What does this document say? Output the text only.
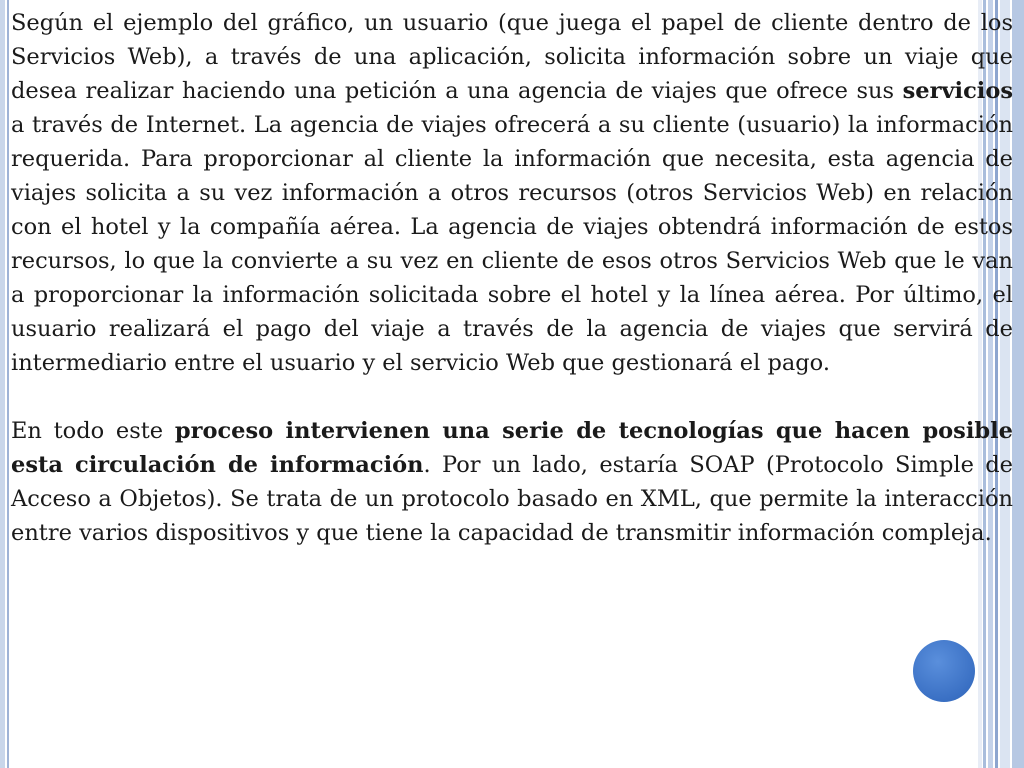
Según el ejemplo del gráfico, un usuario (que juega el papel de cliente dentro de los Servicios Web), a través de una aplicación, solicita información sobre un viaje que desea realizar haciendo una petición a una agencia de viajes que ofrece sus servicios a través de Internet. La agencia de viajes ofrecerá a su cliente (usuario) la información requerida. Para proporcionar al cliente la información que necesita, esta agencia de viajes solicita a su vez información a otros recursos (otros Servicios Web) en relación con el hotel y la compañía aérea. La agencia de viajes obtendrá información de estos recursos, lo que la convierte a su vez en cliente de esos otros Servicios Web que le van a proporcionar la información solicitada sobre el hotel y la línea aérea. Por último, el usuario realizará el pago del viaje a través de la agencia de viajes que servirá de intermediario entre el usuario y el servicio Web que gestionará el pago.

En todo este proceso intervienen una serie de tecnologías que hacen posible esta circulación de información. Por un lado, estaría SOAP (Protocolo Simple de Acceso a Objetos). Se trata de un protocolo basado en XML, que permite la interacción entre varios dispositivos y que tiene la capacidad de transmitir información compleja.
